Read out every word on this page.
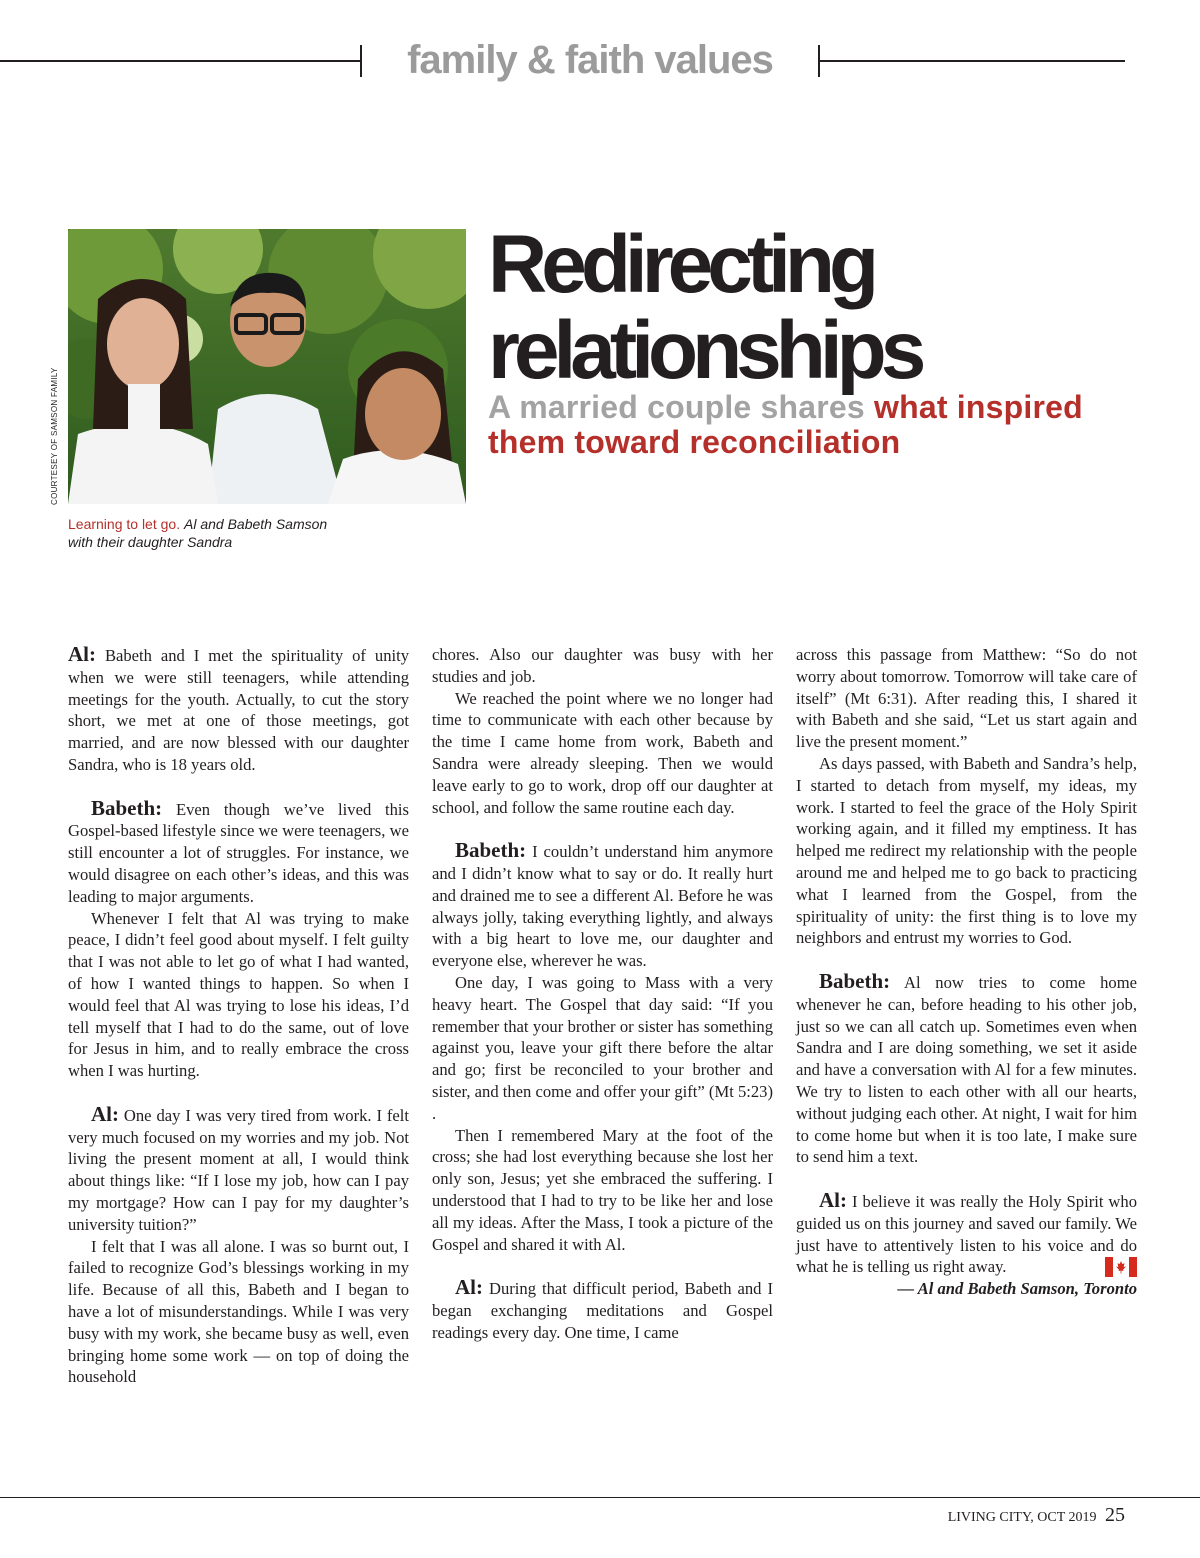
family & faith values
COURTESEY OF SAMSON FAMILY
Learning to let go. Al and Babeth Samson with their daughter Sandra
Redirecting
relationships

A married couple shares what inspired them toward reconciliation

Al: Babeth and I met the spirituality of unity when we were still teenagers, while attending meetings for the youth. Actually, to cut the story short, we met at one of those meetings, got married, and are now blessed with our daughter Sandra, who is 18 years old.

Babeth: Even though we’ve lived this Gospel-based lifestyle since we were teenagers, we still encounter a lot of struggles. For instance, we would disagree on each other’s ideas, and this was leading to major arguments.

Whenever I felt that Al was trying to make peace, I didn’t feel good about myself. I felt guilty that I was not able to let go of what I had wanted, of how I wanted things to happen. So when I would feel that Al was trying to lose his ideas, I’d tell myself that I had to do the same, out of love for Jesus in him, and to really embrace the cross when I was hurting.

Al: One day I was very tired from work. I felt very much focused on my worries and my job. Not living the present moment at all, I would think about things like: “If I lose my job, how can I pay my mortgage? How can I pay for my daughter’s university tuition?”

I felt that I was all alone. I was so burnt out, I failed to recognize God’s blessings working in my life. Because of all this, Babeth and I began to have a lot of misunderstandings. While I was very busy with my work, she became busy as well, even bringing home some work — on top of doing the household

chores. Also our daughter was busy with her studies and job.

We reached the point where we no longer had time to communicate with each other because by the time I came home from work, Babeth and Sandra were already sleeping. Then we would leave early to go to work, drop off our daughter at school, and follow the same routine each day.

Babeth: I couldn’t understand him anymore and I didn’t know what to say or do. It really hurt and drained me to see a different Al. Before he was always jolly, taking everything lightly, and always with a big heart to love me, our daughter and everyone else, wherever he was.

One day, I was going to Mass with a very heavy heart. The Gospel that day said: “If you remember that your brother or sister has something against you, leave your gift there before the altar and go; first be reconciled to your brother and sister, and then come and offer your gift” (Mt 5:23) .

Then I remembered Mary at the foot of the cross; she had lost everything because she lost her only son, Jesus; yet she embraced the suffering. I understood that I had to try to be like her and lose all my ideas. After the Mass, I took a picture of the Gospel and shared it with Al.

Al: During that difficult period, Babeth and I began exchanging meditations and Gospel readings every day. One time, I came

across this passage from Matthew: “So do not worry about tomorrow. Tomorrow will take care of itself” (Mt 6:31). After reading this, I shared it with Babeth and she said, “Let us start again and live the present moment.”

As days passed, with Babeth and Sandra’s help, I started to detach from myself, my ideas, my work. I started to feel the grace of the Holy Spirit working again, and it filled my emptiness. It has helped me redirect my relationship with the people around me and helped me to go back to practicing what I learned from the Gospel, from the spirituality of unity: the first thing is to love my neighbors and entrust my worries to God.

Babeth: Al now tries to come home whenever he can, before heading to his other job, just so we can all catch up. Sometimes even when Sandra and I are doing something, we set it aside and have a conversation with Al for a few minutes. We try to listen to each other with all our hearts, without judging each other. At night, I wait for him to come home but when it is too late, I make sure to send him a text.

Al: I believe it was really the Holy Spirit who guided us on this journey and saved our family. We just have to attentively listen to his voice and do what he is telling us right away.

— Al and Babeth Samson, Toronto

LIVING CITY, OCT 2019 25
